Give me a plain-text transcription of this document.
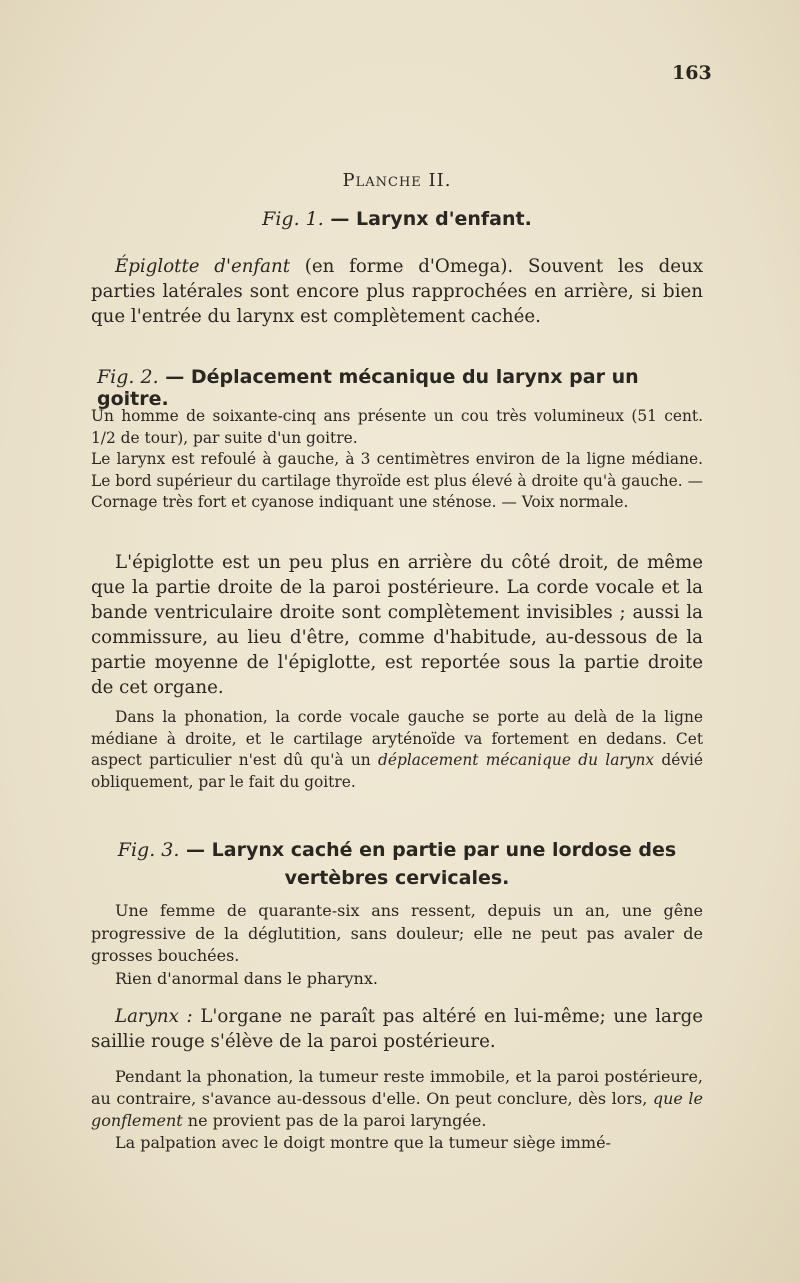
163
Planche II.
Fig. 1. — Larynx d'enfant.

Épiglotte d'enfant (en forme d'Omega). Souvent les deux parties latérales sont encore plus rapprochées en arrière, si bien que l'entrée du larynx est complètement cachée.

Fig. 2. — Déplacement mécanique du larynx par un goitre.

Un homme de soixante-cinq ans présente un cou très volumineux (51 cent. 1/2 de tour), par suite d'un goitre.

Le larynx est refoulé à gauche, à 3 centimètres environ de la ligne médiane. Le bord supérieur du cartilage thyroïde est plus élevé à droite qu'à gauche. — Cornage très fort et cyanose indiquant une sténose. — Voix normale.

L'épiglotte est un peu plus en arrière du côté droit, de même que la partie droite de la paroi postérieure. La corde vocale et la bande ventriculaire droite sont complètement invisibles ; aussi la commissure, au lieu d'être, comme d'habitude, au-dessous de la partie moyenne de l'épiglotte, est reportée sous la partie droite de cet organe.

Dans la phonation, la corde vocale gauche se porte au delà de la ligne médiane à droite, et le cartilage aryténoïde va fortement en dedans. Cet aspect particulier n'est dû qu'à un déplacement mécanique du larynx dévié obliquement, par le fait du goitre.

Fig. 3. — Larynx caché en partie par une lordose des
vertèbres cervicales.

Une femme de quarante-six ans ressent, depuis un an, une gêne progressive de la déglutition, sans douleur; elle ne peut pas avaler de grosses bouchées.

Rien d'anormal dans le pharynx.

Larynx : L'organe ne paraît pas altéré en lui-même; une large saillie rouge s'élève de la paroi postérieure.

Pendant la phonation, la tumeur reste immobile, et la paroi postérieure, au contraire, s'avance au-dessous d'elle. On peut conclure, dès lors, que le gonflement ne provient pas de la paroi laryngée.

La palpation avec le doigt montre que la tumeur siège immé-
